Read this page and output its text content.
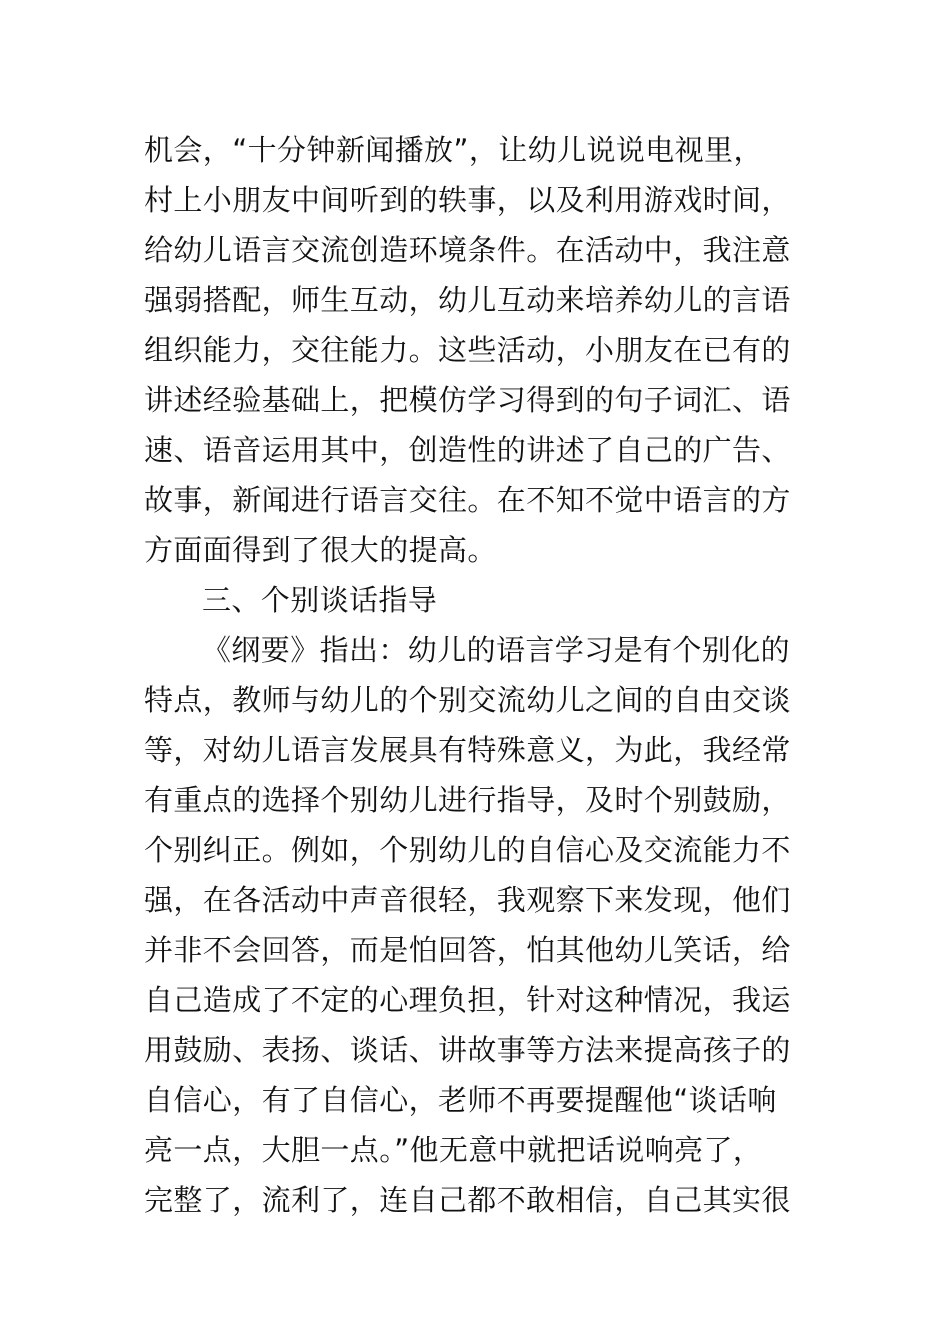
机会，“十分钟新闻播放”，让幼儿说说电视里，
村上小朋友中间听到的轶事，以及利用游戏时间，
给幼儿语言交流创造环境条件。在活动中，我注意
强弱搭配，师生互动，幼儿互动来培养幼儿的言语
组织能力，交往能力。这些活动，小朋友在已有的
讲述经验基础上，把模仿学习得到的句子词汇、语
速、语音运用其中，创造性的讲述了自己的广告、
故事，新闻进行语言交往。在不知不觉中语言的方
方面面得到了很大的提高。
三、个别谈话指导
《纲要》指出：幼儿的语言学习是有个别化的
特点，教师与幼儿的个别交流幼儿之间的自由交谈
等，对幼儿语言发展具有特殊意义，为此，我经常
有重点的选择个别幼儿进行指导，及时个别鼓励，
个别纠正。例如，个别幼儿的自信心及交流能力不
强，在各活动中声音很轻，我观察下来发现，他们
并非不会回答，而是怕回答，怕其他幼儿笑话，给
自己造成了不定的心理负担，针对这种情况，我运
用鼓励、表扬、谈话、讲故事等方法来提高孩子的
自信心，有了自信心，老师不再要提醒他“谈话响
亮一点，大胆一点。”他无意中就把话说响亮了，
完整了，流利了，连自己都不敢相信，自己其实很
